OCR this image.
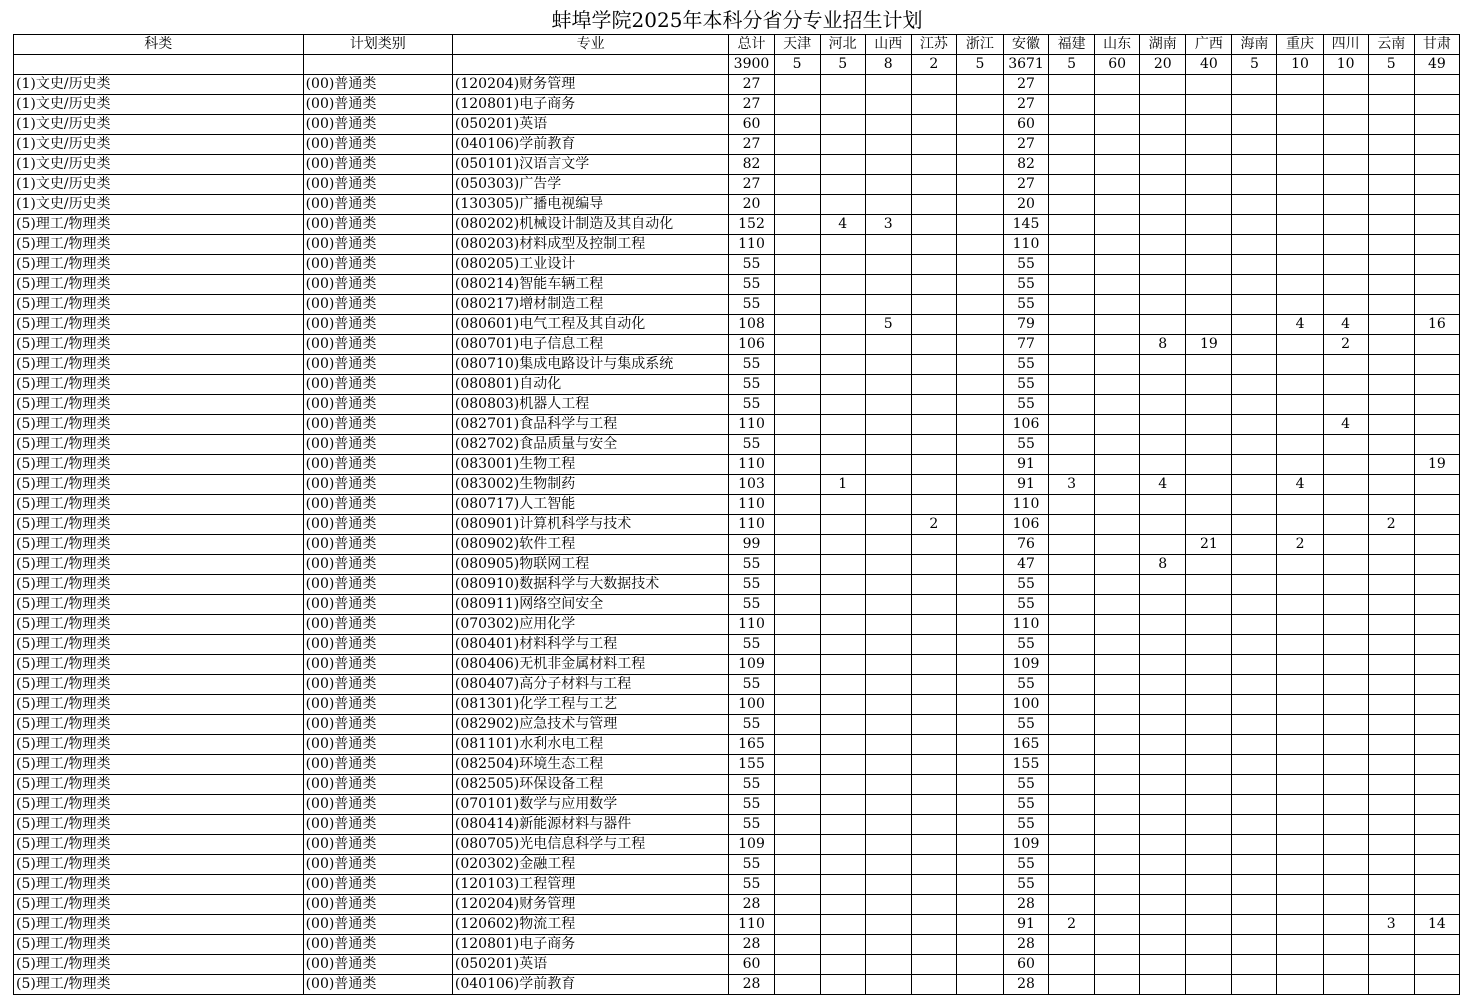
蚌埠学院2025年本科分省分专业招生计划
科类	计划类别	专业	总计	天津	河北	山西	江苏	浙江	安徽	福建	山东	湖南	广西	海南	重庆	四川	云南	甘肃
			3900	5	5	8	2	5	3671	5	60	20	40	5	10	10	5	49
(1)文史/历史类	(00)普通类	(120204)财务管理	27						27									
(1)文史/历史类	(00)普通类	(120801)电子商务	27						27									
(1)文史/历史类	(00)普通类	(050201)英语	60						60									
(1)文史/历史类	(00)普通类	(040106)学前教育	27						27									
(1)文史/历史类	(00)普通类	(050101)汉语言文学	82						82									
(1)文史/历史类	(00)普通类	(050303)广告学	27						27									
(1)文史/历史类	(00)普通类	(130305)广播电视编导	20						20									
(5)理工/物理类	(00)普通类	(080202)机械设计制造及其自动化	152		4	3			145									
(5)理工/物理类	(00)普通类	(080203)材料成型及控制工程	110						110									
(5)理工/物理类	(00)普通类	(080205)工业设计	55						55									
(5)理工/物理类	(00)普通类	(080214)智能车辆工程	55						55									
(5)理工/物理类	(00)普通类	(080217)增材制造工程	55						55									
(5)理工/物理类	(00)普通类	(080601)电气工程及其自动化	108			5			79						4	4		16
(5)理工/物理类	(00)普通类	(080701)电子信息工程	106						77			8	19			2		
(5)理工/物理类	(00)普通类	(080710)集成电路设计与集成系统	55						55									
(5)理工/物理类	(00)普通类	(080801)自动化	55						55									
(5)理工/物理类	(00)普通类	(080803)机器人工程	55						55									
(5)理工/物理类	(00)普通类	(082701)食品科学与工程	110						106							4		
(5)理工/物理类	(00)普通类	(082702)食品质量与安全	55						55									
(5)理工/物理类	(00)普通类	(083001)生物工程	110						91									19
(5)理工/物理类	(00)普通类	(083002)生物制药	103		1				91	3		4			4			
(5)理工/物理类	(00)普通类	(080717)人工智能	110						110									
(5)理工/物理类	(00)普通类	(080901)计算机科学与技术	110				2		106								2	
(5)理工/物理类	(00)普通类	(080902)软件工程	99						76				21		2			
(5)理工/物理类	(00)普通类	(080905)物联网工程	55						47			8						
(5)理工/物理类	(00)普通类	(080910)数据科学与大数据技术	55						55									
(5)理工/物理类	(00)普通类	(080911)网络空间安全	55						55									
(5)理工/物理类	(00)普通类	(070302)应用化学	110						110									
(5)理工/物理类	(00)普通类	(080401)材料科学与工程	55						55									
(5)理工/物理类	(00)普通类	(080406)无机非金属材料工程	109						109									
(5)理工/物理类	(00)普通类	(080407)高分子材料与工程	55						55									
(5)理工/物理类	(00)普通类	(081301)化学工程与工艺	100						100									
(5)理工/物理类	(00)普通类	(082902)应急技术与管理	55						55									
(5)理工/物理类	(00)普通类	(081101)水利水电工程	165						165									
(5)理工/物理类	(00)普通类	(082504)环境生态工程	155						155									
(5)理工/物理类	(00)普通类	(082505)环保设备工程	55						55									
(5)理工/物理类	(00)普通类	(070101)数学与应用数学	55						55									
(5)理工/物理类	(00)普通类	(080414)新能源材料与器件	55						55									
(5)理工/物理类	(00)普通类	(080705)光电信息科学与工程	109						109									
(5)理工/物理类	(00)普通类	(020302)金融工程	55						55									
(5)理工/物理类	(00)普通类	(120103)工程管理	55						55									
(5)理工/物理类	(00)普通类	(120204)财务管理	28						28									
(5)理工/物理类	(00)普通类	(120602)物流工程	110						91	2							3	14
(5)理工/物理类	(00)普通类	(120801)电子商务	28						28									
(5)理工/物理类	(00)普通类	(050201)英语	60						60									
(5)理工/物理类	(00)普通类	(040106)学前教育	28						28									
